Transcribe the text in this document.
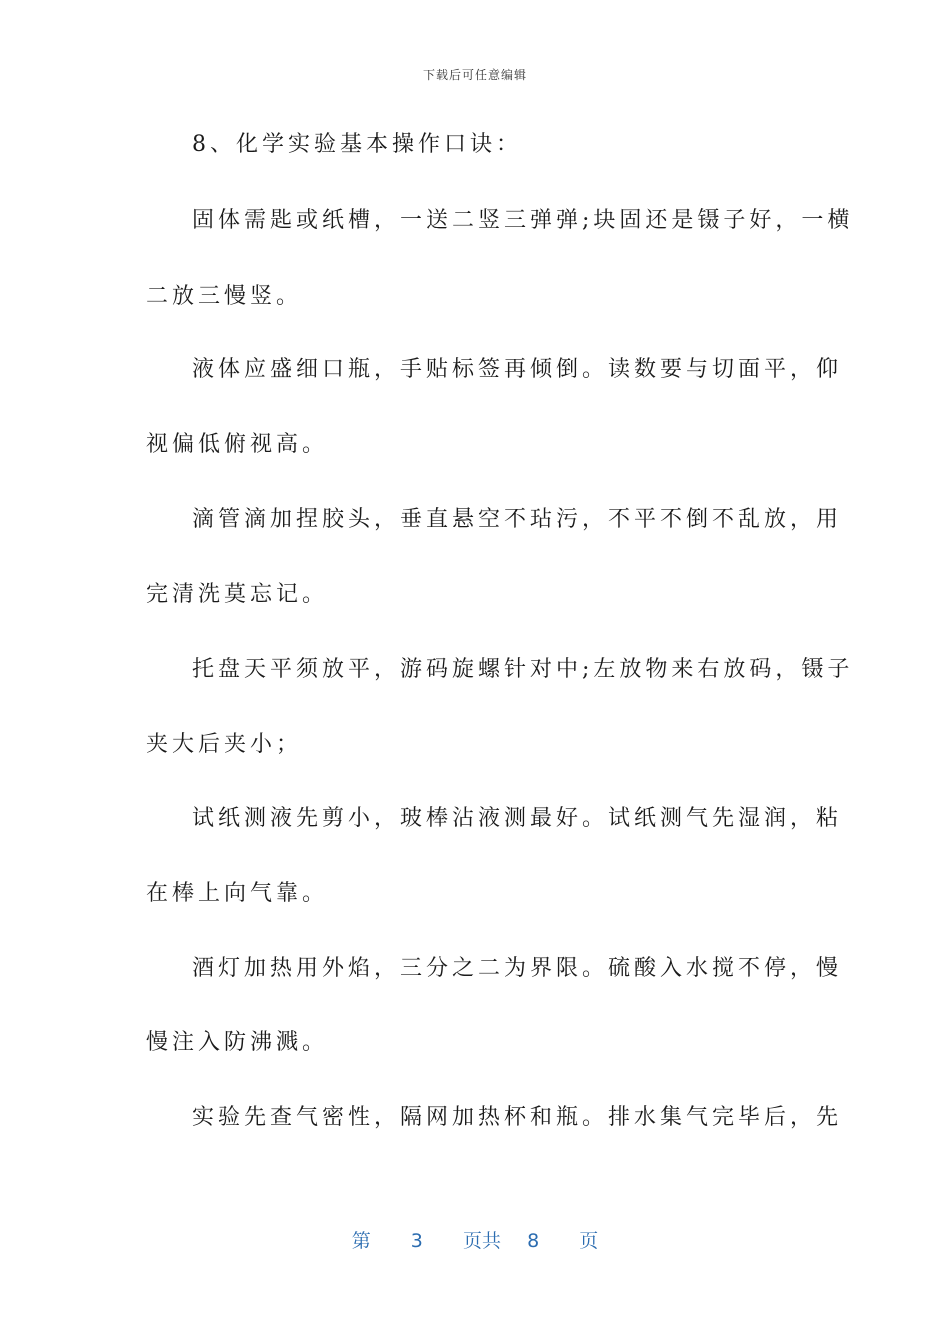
下载后可任意编辑
8、化学实验基本操作口诀：
固体需匙或纸槽，一送二竖三弹弹;块固还是镊子好，一横
二放三慢竖。
液体应盛细口瓶，手贴标签再倾倒。读数要与切面平，仰
视偏低俯视高。
滴管滴加捏胶头，垂直悬空不玷污，不平不倒不乱放，用
完清洗莫忘记。
托盘天平须放平，游码旋螺针对中;左放物来右放码，镊子
夹大后夹小；
试纸测液先剪小，玻棒沾液测最好。试纸测气先湿润，粘
在棒上向气靠。
酒灯加热用外焰，三分之二为界限。硫酸入水搅不停，慢
慢注入防沸溅。
实验先查气密性，隔网加热杯和瓶。排水集气完毕后，先
第 3 页共 8 页
